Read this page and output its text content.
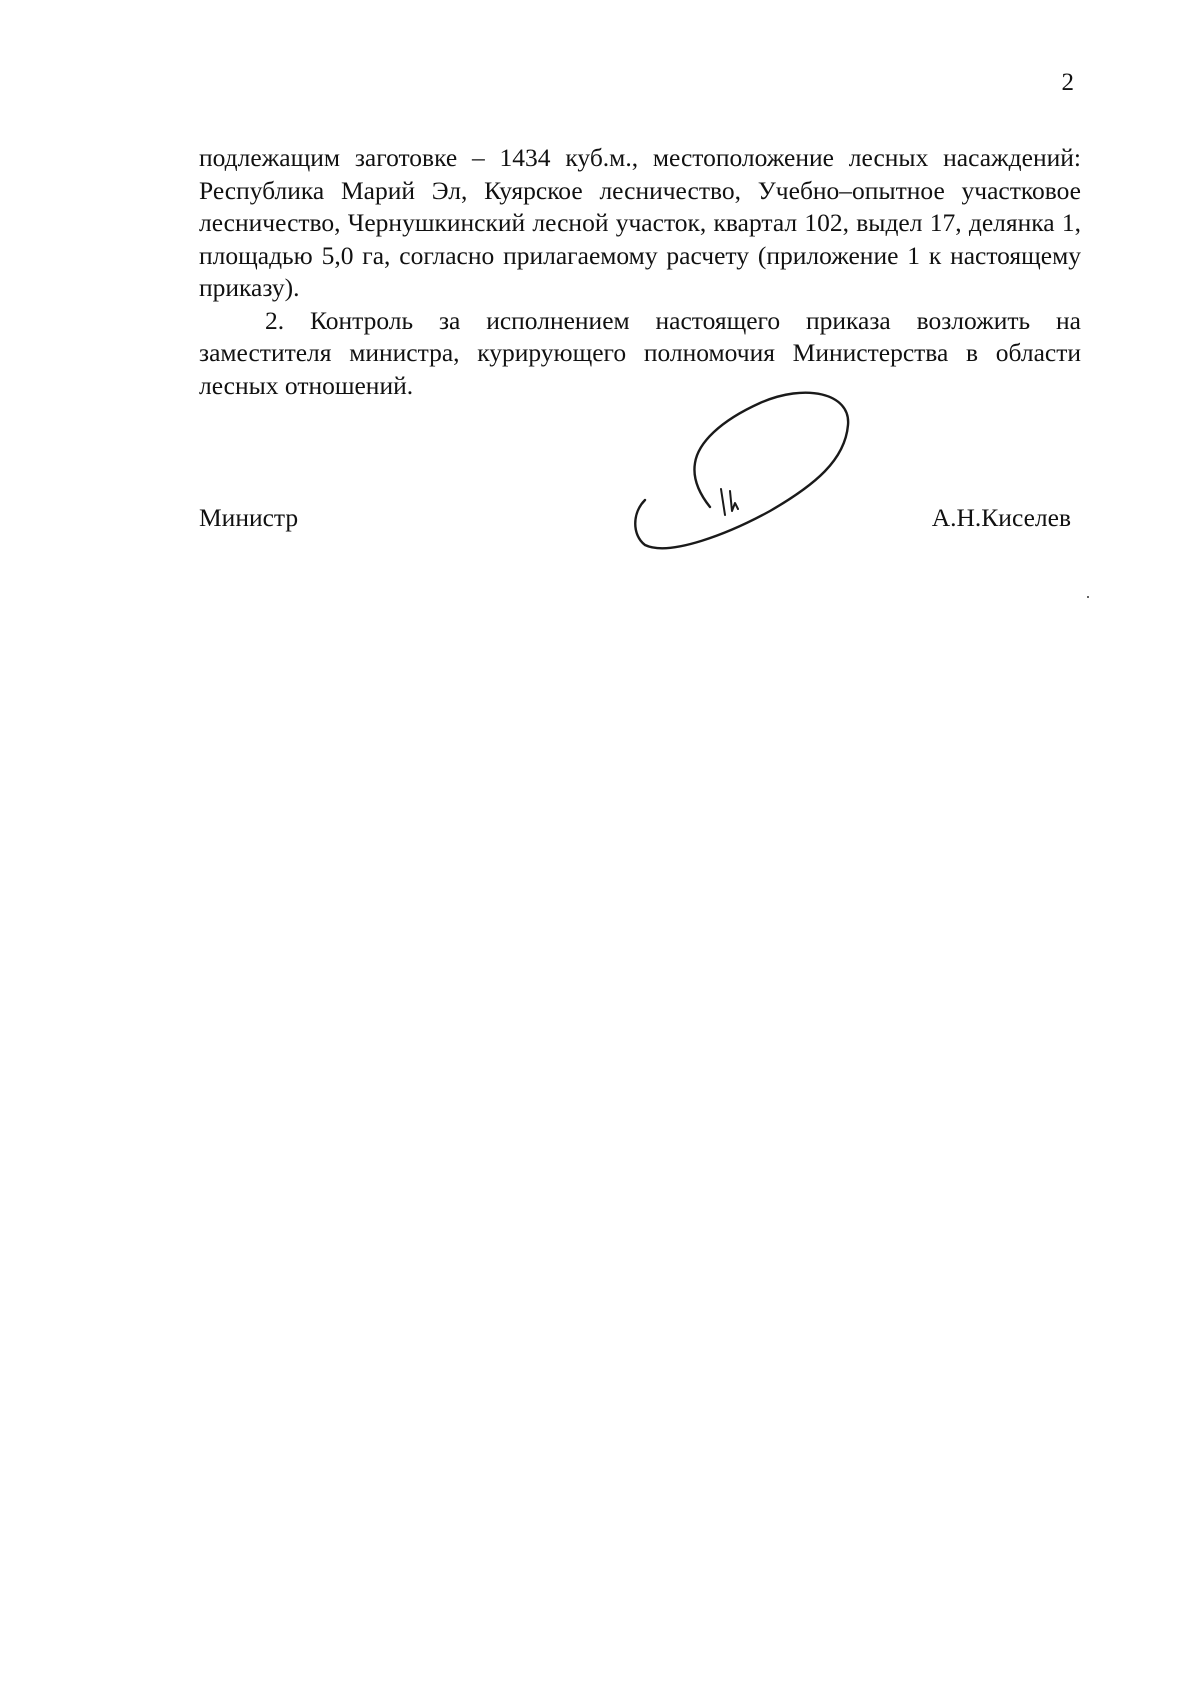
2

подлежащим заготовке – 1434 куб.м., местоположение лесных насаждений: Республика Марий Эл, Куярское лесничество, Учебно–опытное участковое лесничество, Чернушкинский лесной участок, квартал 102, выдел 17, делянка 1, площадью 5,0 га, согласно прилагаемому расчету (приложение 1 к настоящему приказу).

2. Контроль за исполнением настоящего приказа возложить на заместителя министра, курирующего полномочия Министерства в области лесных отношений.

Министр	А.Н.Киселев
